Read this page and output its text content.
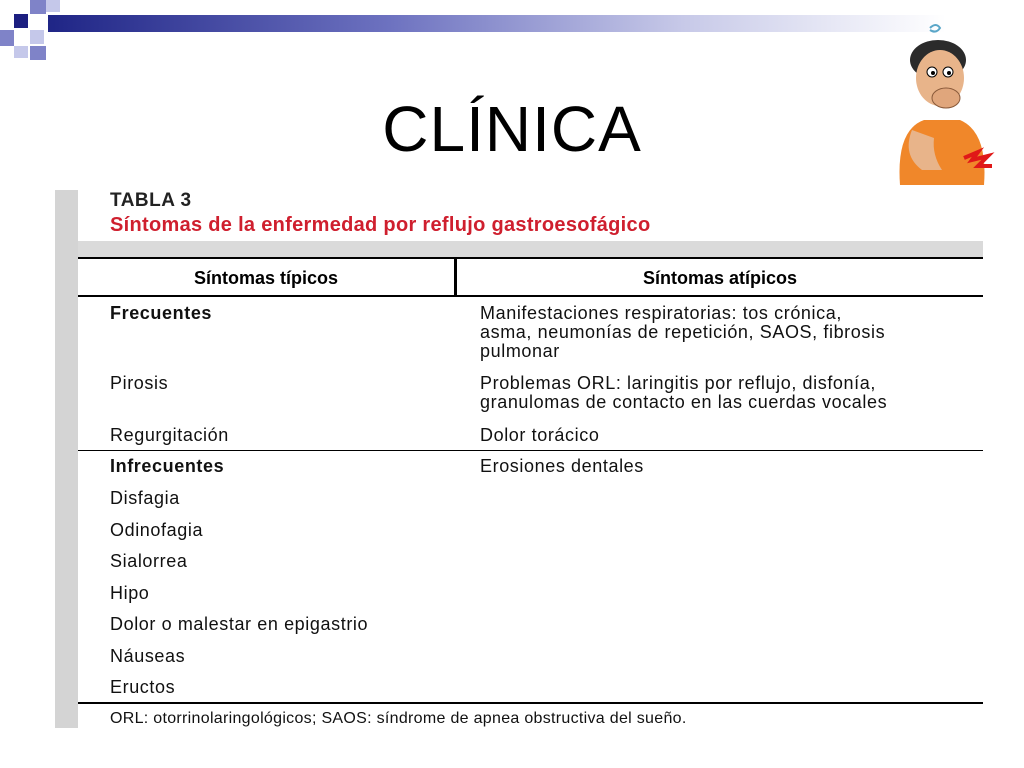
CLÍNICA
TABLA 3
Síntomas de la enfermedad por reflujo gastroesofágico
Síntomas típicos	Síntomas atípicos
Frecuentes
Pirosis
Regurgitación
Infrecuentes
Disfagia
Odinofagia
Sialorrea
Hipo
Dolor o malestar en epigastrio
Náuseas
Eructos
Manifestaciones respiratorias: tos crónica,
asma, neumonías de repetición, SAOS, fibrosis
pulmonar
Problemas ORL: laringitis por reflujo, disfonía,
granulomas de contacto en las cuerdas vocales
Dolor torácico
Erosiones dentales
ORL: otorrinolaringológicos; SAOS: síndrome de apnea obstructiva del sueño.
